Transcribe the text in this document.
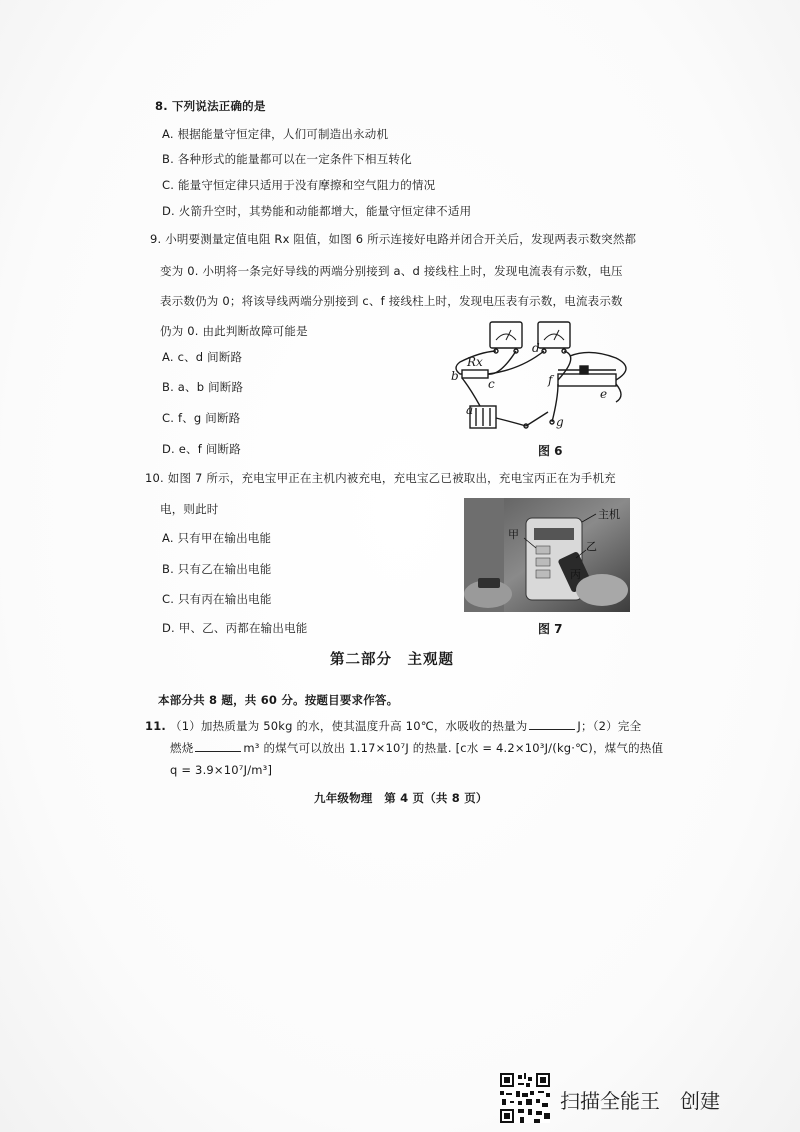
8. 下列说法正确的是
A. 根据能量守恒定律，人们可制造出永动机
B. 各种形式的能量都可以在一定条件下相互转化
C. 能量守恒定律只适用于没有摩擦和空气阻力的情况
D. 火箭升空时，其势能和动能都增大，能量守恒定律不适用
9. 小明要测量定值电阻 Rx 阻值，如图 6 所示连接好电路并闭合开关后，发现两表示数突然都
变为 0. 小明将一条完好导线的两端分别接到 a、d 接线柱上时，发现电流表有示数，电压
表示数仍为 0；将该导线两端分别接到 c、f 接线柱上时，发现电压表有示数，电流表示数
仍为 0. 由此判断故障可能是
A. c、d 间断路
B. a、b 间断路
C. f、g 间断路
D. e、f 间断路
Rx
b
c
a
d
f
e
g
图 6
10. 如图 7 所示，充电宝甲正在主机内被充电，充电宝乙已被取出，充电宝丙正在为手机充
电，则此时
A. 只有甲在输出电能
B. 只有乙在输出电能
C. 只有丙在输出电能
D. 甲、乙、丙都在输出电能
主机
甲
乙
丙
图 7
第二部分　主观题
本部分共 8 题，共 60 分。按题目要求作答。
11. （1）加热质量为 50kg 的水，使其温度升高 10℃，水吸收的热量为	J；（2）完全
燃烧	m³ 的煤气可以放出 1.17×10⁷J 的热量. [c水 = 4.2×10³J/(kg·℃)，煤气的热值
q = 3.9×10⁷J/m³]
九年级物理　第 4 页（共 8 页）
扫描全能王　创建
